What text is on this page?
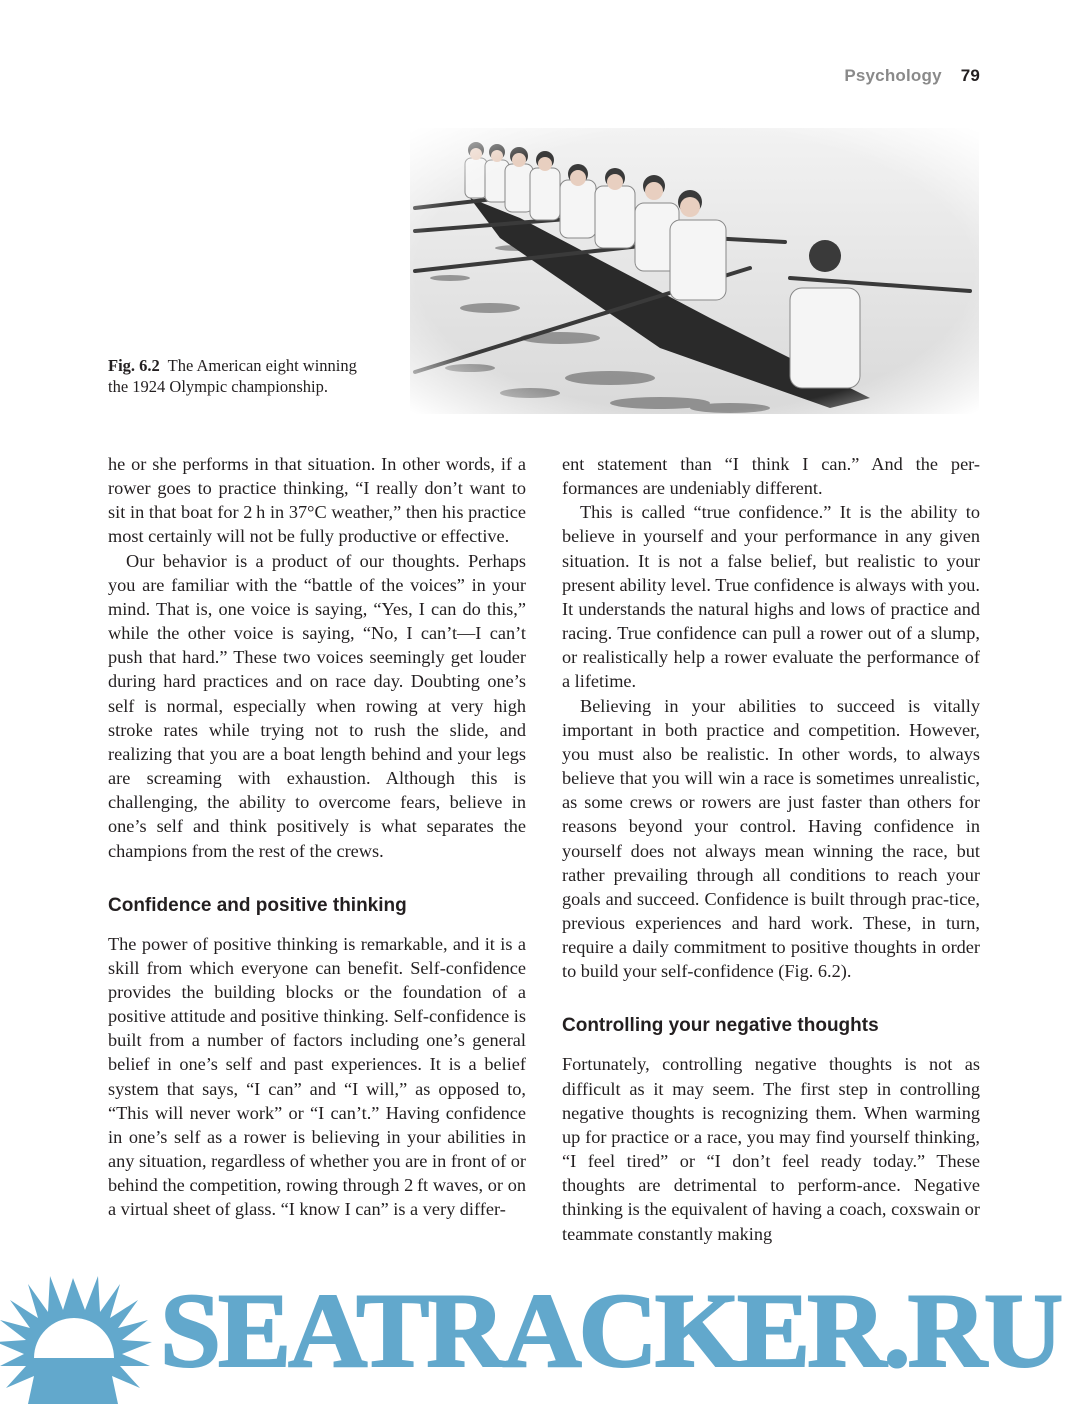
Psychology 79
Fig. 6.2 The American eight winning the 1924 Olympic championship.

he or she performs in that situation. In other words, if a rower goes to practice thinking, “I really don’t want to sit in that boat for 2 h in 37°C weather,” then his practice most certainly will not be fully productive or effective.

Our behavior is a product of our thoughts. Perhaps you are familiar with the “battle of the voices” in your mind. That is, one voice is saying, “Yes, I can do this,” while the other voice is saying, “No, I can’t—I can’t push that hard.” These two voices seemingly get louder during hard practices and on race day. Doubting one’s self is normal, especially when rowing at very high stroke rates while trying not to rush the slide, and realizing that you are a boat length behind and your legs are screaming with exhaustion. Although this is challenging, the ability to overcome fears, believe in one’s self and think positively is what separates the champions from the rest of the crews.

Confidence and positive thinking

The power of positive thinking is remarkable, and it is a skill from which everyone can benefit. Self-confidence provides the building blocks or the foundation of a positive attitude and positive thinking. Self-confidence is built from a number of factors including one’s general belief in one’s self and past experiences. It is a belief system that says, “I can” and “I will,” as opposed to, “This will never work” or “I can’t.” Having confidence in one’s self as a rower is believing in your abilities in any situation, regardless of whether you are in front of or behind the competition, rowing through 2 ft waves, or on a virtual sheet of glass. “I know I can” is a very differ-

ent statement than “I think I can.” And the per-formances are undeniably different.

This is called “true confidence.” It is the ability to believe in yourself and your performance in any given situation. It is not a false belief, but realistic to your present ability level. True confidence is always with you. It understands the natural highs and lows of practice and racing. True confidence can pull a rower out of a slump, or realistically help a rower evaluate the performance of a lifetime.

Believing in your abilities to succeed is vitally important in both practice and competition. However, you must also be realistic. In other words, to always believe that you will win a race is sometimes unrealistic, as some crews or rowers are just faster than others for reasons beyond your control. Having confidence in yourself does not always mean winning the race, but rather prevailing through all conditions to reach your goals and succeed. Confidence is built through prac-tice, previous experiences and hard work. These, in turn, require a daily commitment to positive thoughts in order to build your self-confidence (Fig. 6.2).

Controlling your negative thoughts

Fortunately, controlling negative thoughts is not as difficult as it may seem. The first step in controlling negative thoughts is recognizing them. When warming up for practice or a race, you may find yourself thinking, “I feel tired” or “I don’t feel ready today.” These thoughts are detrimental to perform-ance. Negative thinking is the equivalent of having a coach, coxswain or teammate constantly making

SEATRACKER.RU
